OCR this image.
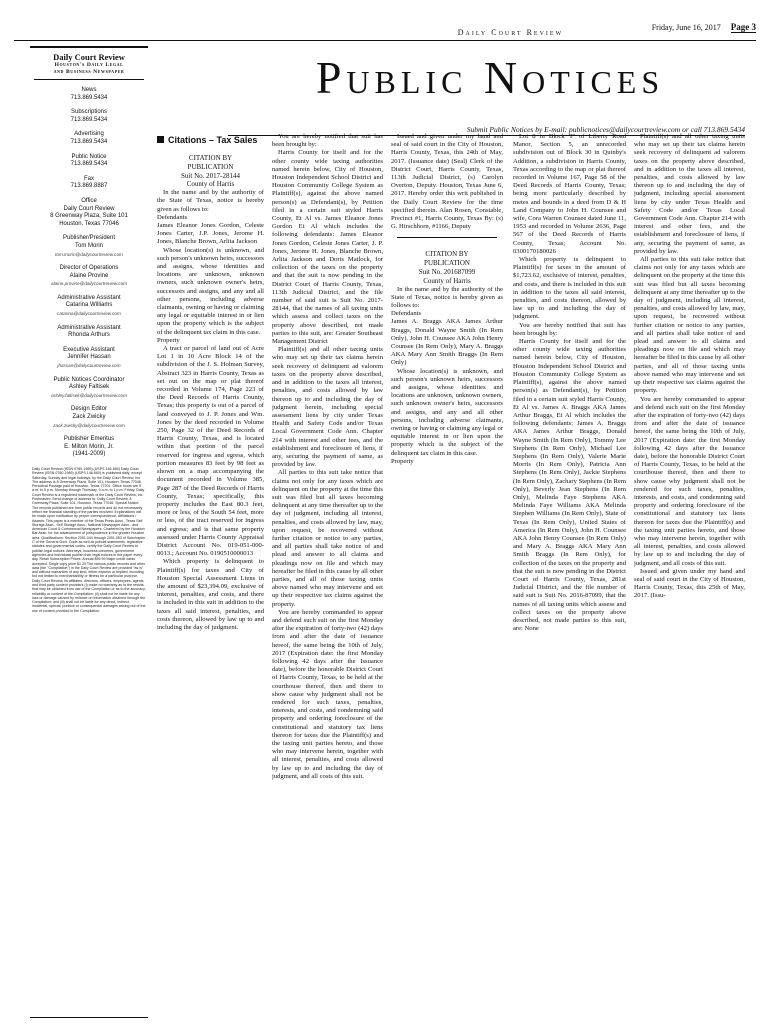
Friday, June 16, 2017 Page 3
Daily Court Review
Daily Court Review
Houston's Daily Legal
and Business Newspaper
News
713.869.5434
Subscriptions
713.869.5434
Advertising
713.869.5434
Public Notice
713.869.5434
Fax
713.869.8887
Office
Daily Court Review
8 Greenway Plaza, Suite 101
Houston, Texas 77046
Publisher/President
Tom Morin
tom.morin@dailycourtreview.com
Director of Operations
Alaine Provine
alaine.provine@dailycourtreview.com
Administrative Assistant
Catarina Williams
catarina@dailycourtreview.com
Administrative Assistant
Rhonda Arthurs
Executive Assistant
Jennifer Hassan
jhassan@dailycourtreview.com
Public Notices Coordinator
Ashley Faltisek
ashley.faltisek@dailycourtreview.com
Design Editor
Zack Zwicky
zack.zwicky@dailycourtreview.com
Publisher Emeritus
E. Milton Morin, Jr.
(1941-2009)
Daily Court Review (ISSN 0780-1989) (USPS 146-660) Daily Court Review (ISSN 0780-1989) (USPS 146-660) is published daily, except Saturday, Sunday and legal holidays, by the Daily Court Review, Inc. The address is 8 Greenway Plaza, Suite 101, Houston, Texas 77046. Periodical Postage paid at Houston, Texas 77201. Office hours are 9 a.m. to 5 p.m. Monday through Thursday, 9 a.m. to 1 p.m. Friday. Daily Court Review is a registered trademark of the Daily Court Review, Inc. Postmaster: Send change of address to: Daily Court Review, 8 Greenway Plaza, Suite 101, Houston, Texas 77046. Special Notice: The records published are from public records and do not necessarily reflect the financial standing of the parties involved. Explanations will be made upon notification by proper correspondence. Affiliations / Awards: This paper is a member of the Texas Press Assn., Texas Self Storage Assn., Self Storage Assn., National Newspaper Assn., and American Court & Commercial Newspapers. Chartered by the Houston Bar Assn. for the advancement of jurisprudence in the greater Houston area. Qualifications: Section 2051.044 through 2051.053 of Subchapter C of the General Govt. Code as well as judicial statements, legislative statutes and governmental codes, certify the Daily Court Review to publish legal notices. Attorneys, business concerns, government agencies and individuals publish their legal notices in the paper every day. Retail Subscription Prices: Annual $99.99 Major credit cards accepted. Single copy price $1.25 The various public records and other data (the "Compilation") in the Daily Court Review are provided "as is" and without warranties of any kind, either express or implied, including but not limited to merchantability or fitness for a particular purpose. Daily Court Review, its affiliates, directors, officers, employees, agents and third party content providers (i) make no warranty as to the results that may be obtained from use of the Compilation or as to the accuracy, reliability or content of the Compilation; (ii) shall not be liable for any loss or damage caused by reliance on information obtained through the Compilation; and (iii) shall not be liable for any direct, indirect, incidental, special, punitive or consequential damages arising out of the use of content provided in the Compilation.
Public Notices
Submit Public Notices by E-mail: publicnotices@dailycourtreview.com or call 713.869.5434
Citations – Tax Sales
CITATION BY
PUBLICATION
Suit No. 2017-28144
County of Harris

In the name and by the authority of the State of Texas, notice is hereby given as follows to:

Defendants

James Eleanor Jones Gordon, Celeste Jones Carter, J.P. Jones, Jerome H. Jones, Blanche Brown, Arlita Jackson

Whose location(s) is unknown, and such person's unknown heirs, successors and assigns, whose identities and locations are unknown, unknown owners, such unknown owner's heirs, successors and assigns, and any and all other persons, including adverse claimants, owning or having or claiming any legal or equitable interest in or lien upon the property which is the subject of the delinquent tax claim in this case.

Property

A tract or parcel of land out of Acre Lot 1 in 10 Acre Block 14 of the subdivision of the J. S. Holman Survey, Abstract 323 in Harris County, Texas as set out on the map or plat thereof recorded in Volume 174, Page 223 of the Deed Records of Harris County, Texas; this property is out of a parcel of land conveyed to J. P. Jones and Wm. Jones by the deed recorded in Volume 250, Page 32 of the Deed Records of Harris County, Texas, and is located within that portion of the parcel reserved for ingress and egress, which portion measures 83 feet by 98 feet as shown on a map accompanying the document recorded in Volume 385, Page 287 of the Deed Records of Harris County, Texas; specifically, this property includes the East 80.3 feet, more or less, of the South 54 feet, more or less, of the tract reserved for ingress and egress; and is that same property assessed under Harris County Appraisal District Account No. 019-051-000-0013.; Account No. 0190510000013

Which property is delinquent to Plaintiff(s) for taxes and City of Houston Special Assessment Liens in the amount of $23,394.09, exclusive of interest, penalties, and costs, and there is included in this suit in addition to the taxes all said interest, penalties, and costs thereon, allowed by law up to and including the day of judgment.

You are hereby notified that suit has been brought by:

Harris County for itself and for the other county wide taxing authorities named herein below, City of Houston, Houston Independent School District and Houston Community College System as Plaintiff(s), against the above named person(s) as Defendant(s), by Petition filed in a certain suit styled Harris County, Et Al vs. James Eleanor Jones Gordon Et Al which includes the following defendants: James Eleanor Jones Gordon, Celeste Jones Carter, J. P. Jones, Jerome H. Jones, Blanche Brown, Arlita Jackson and Doris Matlock, for collection of the taxes on the property and that the suit is now pending in the District Court of Harris County, Texas, 113th Judicial District, and the file number of said suit is Suit No. 2017-28144, that the names of all taxing units which assess and collect taxes on the property above described, not made parties to this suit, are: Greater Southeast Management District

Plaintiff(s) and all other taxing units who may set up their tax claims herein seek recovery of delinquent ad valorem taxes on the property above described, and in addition to the taxes all interest, penalties, and costs allowed by law thereon up to and including the day of judgment herein, including special assessment liens by city under Texas Health and Safety Code and/or Texas Local Government Code Ann. Chapter 214 with interest and other fees, and the establishment and foreclosure of liens, if any, securing the payment of same, as provided by law.

All parties to this suit take notice that claims not only for any taxes which are delinquent on the property at the time this suit was filed but all taxes becoming delinquent at any time thereafter up to the day of judgment, including all interest, penalties, and costs allowed by law, may, upon request, be recovered without further citation or notice to any parties, and all parties shall take notice of and plead and answer to all claims and pleadings now on file and which may hereafter be filed in this cause by all other parties, and all of those taxing units above named who may intervene and set up their respective tax claims against the property.

You are hereby commanded to appear and defend such suit on the first Monday after the expiration of forty-two (42) days from and after the date of issuance hereof, the same being the 10th of July, 2017 (Expiration date: the first Monday following 42 days after the Issuance date), before the honorable District Court of Harris County, Texas, to be held at the courthouse thereof, then and there to show cause why judgment shall not be rendered for such taxes, penalties, interests, and costs, and condemning said property and ordering foreclosure of the constitutional and statutory tax liens thereon for taxes due the Plaintiff(s) and the taxing unit parties hereto, and those who may intervene herein, together with all interest, penalties, and costs allowed by law up to and including the day of judgment, and all costs of this suit.

Issued and given under my hand and seal of said court in the City of Houston, Harris County, Texas, this 24th of May, 2017. (Issuance date) (Seal) Clerk of the District Court, Harris County, Texas, 113th Judicial District, (s) Carolyn Overton, Deputy. Houston, Texas June 6, 2017. Hereby order this writ published in the Daily Court Review for the time specified therein. Alan Rosen, Constable, Precinct #1, Harris County, Texas By: (s) G. Hirschhorn, #1166, Deputy

CITATION BY
PUBLICATION
Suit No. 201687099
County of Harris

In the name and by the authority of the State of Texas, notice is hereby given as follows to:

Defendants

James A. Braggs AKA James Arthur Braggs, Donald Wayne Smith (In Rem Only), John H. Counsee AKA John Henry Counsee (In Rem Only), Mary A. Braggs AKA Mary Ann Smith Braggs (In Rem Only)

Whose location(s) is unknown, and such person's unknown heirs, successors and assigns, whose identities and locations are unknown, unknown owners, such unknown owner's heirs, successors and assigns, and any and all other persons, including adverse claimants, owning or having or claiming any legal or equitable interest in or lien upon the property which is the subject of the delinquent tax claim in this case.

Property

Lot 8 in Block 'F' of Liberty Road Manor, Section 5, an unrecorded subdivision out of Block 30 in Quinby's Addition, a subdivision in Harris County, Texas according to the map or plat thereof recorded in Volume 167, Page 58 of the Deed Records of Harris County, Texas; being more particularly described by metes and bounds in a deed from D & H Land Company to John H. Counsee and wife, Cora Warren Counsee dated June 11, 1953 and recorded in Volume 2636, Page 567 of the Deed Records of Harris County, Texas; Account No. 0300170180026

Which property is delinquent to Plaintiff(s) for taxes in the amount of $1,723.62, exclusive of interest, penalties, and costs, and there is included in this suit in addition to the taxes all said interest, penalties, and costs thereon, allowed by law up to and including the day of judgment.

You are hereby notified that suit has been brought by:

Harris County for itself and for the other county wide taxing authorities named herein below, City of Houston, Houston Independent School District and Houston Community College System as Plaintiff(s), against the above named person(s) as Defendant(s), by Petition filed in a certain suit styled Harris County, Et Al vs. James A. Braggs AKA James Arthur Braggs, Et Al which includes the following defendants: James A. Braggs AKA James Arthur Braggs, Donald Wayne Smith (In Rem Only), Tommy Lee Stephens (In Rem Only), Michael Lee Stephens (In Rem Only), Valerie Marie Morris (In Rem Only), Patricia Ann Stephens (In Rem Only), Jackie Stephens (In Rem Only), Zachary Stephens (In Rem Only), Beverly Jean Stephens (In Rem Only), Melinda Faye Stephens AKA Melinda Faye Williams AKA Melinda Stephen Williams (In Rem Only), State of Texas (In Rem Only), United States of America (In Rem Only), John H. Counsee AKA John Henry Counsee (In Rem Only) and Mary A. Braggs AKA Mary Ann Smith Braggs (In Rem Only), for collection of the taxes on the property and that the suit is now pending in the District Court of Harris County, Texas, 281st Judicial District, and the file number of said suit is Suit No. 2016-87099, that the names of all taxing units which assess and collect taxes on the property above described, not made parties to this suit, are: None

Plaintiff(s) and all other taxing units who may set up their tax claims herein seek recovery of delinquent ad valorem taxes on the property above described, and in addition to the taxes all interest, penalties, and costs allowed by law thereon up to and including the day of judgment, including special assessment liens by city under Texas Health and Safety Code and/or Texas Local Government Code Ann. Chapter 214 with interest and other fees, and the establishment and foreclosure of liens, if any, securing the payment of same, as provided by law.

All parties to this suit take notice that claims not only for any taxes which are delinquent on the property at the time this suit was filed but all taxes becoming delinquent at any time thereafter up to the day of judgment, including all interest, penalties, and costs allowed by law, may, upon request, be recovered without further citation or notice to any parties, and all parties shall take notice of and plead and answer to all claims and pleadings now on file and which may hereafter be filed in this cause by all other parties, and all of those taxing units above named who may intervene and set up their respective tax claims against the property.

You are hereby commanded to appear and defend such suit on the first Monday after the expiration of forty-two (42) days from and after the date of issuance hereof, the same being the 10th of July, 2017 (Expiration date: the first Monday following 42 days after the Issuance date), before the honorable District Court of Harris County, Texas, to be held at the courthouse thereof, then and there to show cause why judgment shall not be rendered for such taxes, penalties, interests, and costs, and condemning said property and ordering foreclosure of the constitutional and statutory tax liens thereon for taxes due the Plaintiff(s) and the taxing unit parties hereto, and those who may intervene herein, together with all interest, penalties, and costs allowed by law up to and including the day of judgment, and all costs of this suit.

Issued and given under my hand and seal of said court in the City of Houston, Harris County, Texas, this 25th of May, 2017. (Issu-
